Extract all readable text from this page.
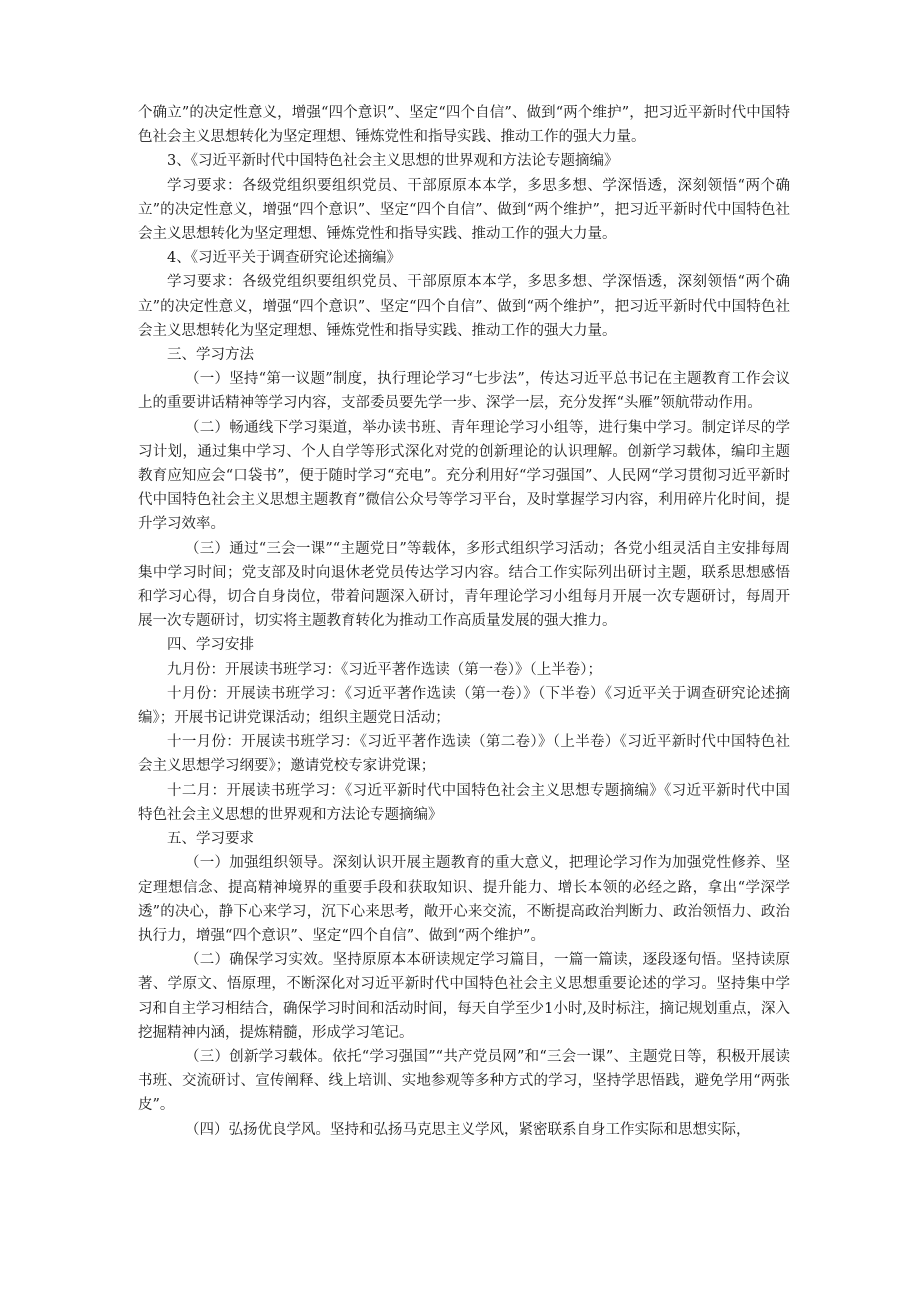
个确立”的决定性意义，增强“四个意识”、坚定“四个自信”、做到“两个维护”，把习近平新时代中国特色社会主义思想转化为坚定理想、锤炼党性和指导实践、推动工作的强大力量。

3、《习近平新时代中国特色社会主义思想的世界观和方法论专题摘编》

学习要求：各级党组织要组织党员、干部原原本本学，多思多想、学深悟透，深刻领悟“两个确立”的决定性意义，增强“四个意识”、坚定“四个自信”、做到“两个维护”，把习近平新时代中国特色社会主义思想转化为坚定理想、锤炼党性和指导实践、推动工作的强大力量。

4、《习近平关于调查研究论述摘编》

学习要求：各级党组织要组织党员、干部原原本本学，多思多想、学深悟透，深刻领悟“两个确立”的决定性意义，增强“四个意识”、坚定“四个自信”、做到“两个维护”，把习近平新时代中国特色社会主义思想转化为坚定理想、锤炼党性和指导实践、推动工作的强大力量。

三、学习方法

（一）坚持“第一议题”制度，执行理论学习“七步法”，传达习近平总书记在主题教育工作会议上的重要讲话精神等学习内容，支部委员要先学一步、深学一层，充分发挥“头雁”领航带动作用。

（二）畅通线下学习渠道，举办读书班、青年理论学习小组等，进行集中学习。制定详尽的学习计划，通过集中学习、个人自学等形式深化对党的创新理论的认识理解。创新学习载体，编印主题教育应知应会“口袋书”，便于随时学习“充电”。充分利用好“学习强国”、人民网“学习贯彻习近平新时代中国特色社会主义思想主题教育”微信公众号等学习平台，及时掌握学习内容，利用碎片化时间，提升学习效率。

（三）通过“三会一课”“主题党日”等载体，多形式组织学习活动；各党小组灵活自主安排每周集中学习时间；党支部及时向退休老党员传达学习内容。结合工作实际列出研讨主题，联系思想感悟和学习心得，切合自身岗位，带着问题深入研讨，青年理论学习小组每月开展一次专题研讨，每周开展一次专题研讨，切实将主题教育转化为推动工作高质量发展的强大推力。

四、学习安排

九月份：开展读书班学习：《习近平著作选读（第一卷）》（上半卷）；

十月份：开展读书班学习：《习近平著作选读（第一卷）》（下半卷）《习近平关于调查研究论述摘编》；开展书记讲党课活动；组织主题党日活动；

十一月份：开展读书班学习：《习近平著作选读（第二卷）》（上半卷）《习近平新时代中国特色社会主义思想学习纲要》；邀请党校专家讲党课；

十二月：开展读书班学习：《习近平新时代中国特色社会主义思想专题摘编》《习近平新时代中国特色社会主义思想的世界观和方法论专题摘编》

五、学习要求

（一）加强组织领导。深刻认识开展主题教育的重大意义，把理论学习作为加强党性修养、坚定理想信念、提高精神境界的重要手段和获取知识、提升能力、增长本领的必经之路，拿出“学深学透”的决心，静下心来学习，沉下心来思考，敞开心来交流，不断提高政治判断力、政治领悟力、政治执行力，增强“四个意识”、坚定“四个自信”、做到“两个维护”。

（二）确保学习实效。坚持原原本本研读规定学习篇目，一篇一篇读，逐段逐句悟。坚持读原著、学原文、悟原理，不断深化对习近平新时代中国特色社会主义思想重要论述的学习。坚持集中学习和自主学习相结合，确保学习时间和活动时间，每天自学至少1小时,及时标注，摘记规划重点，深入挖掘精神内涵，提炼精髓，形成学习笔记。

（三）创新学习载体。依托“学习强国”“共产党员网”和“三会一课”、主题党日等，积极开展读书班、交流研讨、宣传阐释、线上培训、实地参观等多种方式的学习，坚持学思悟践，避免学用“两张皮”。

（四）弘扬优良学风。坚持和弘扬马克思主义学风，紧密联系自身工作实际和思想实际，
